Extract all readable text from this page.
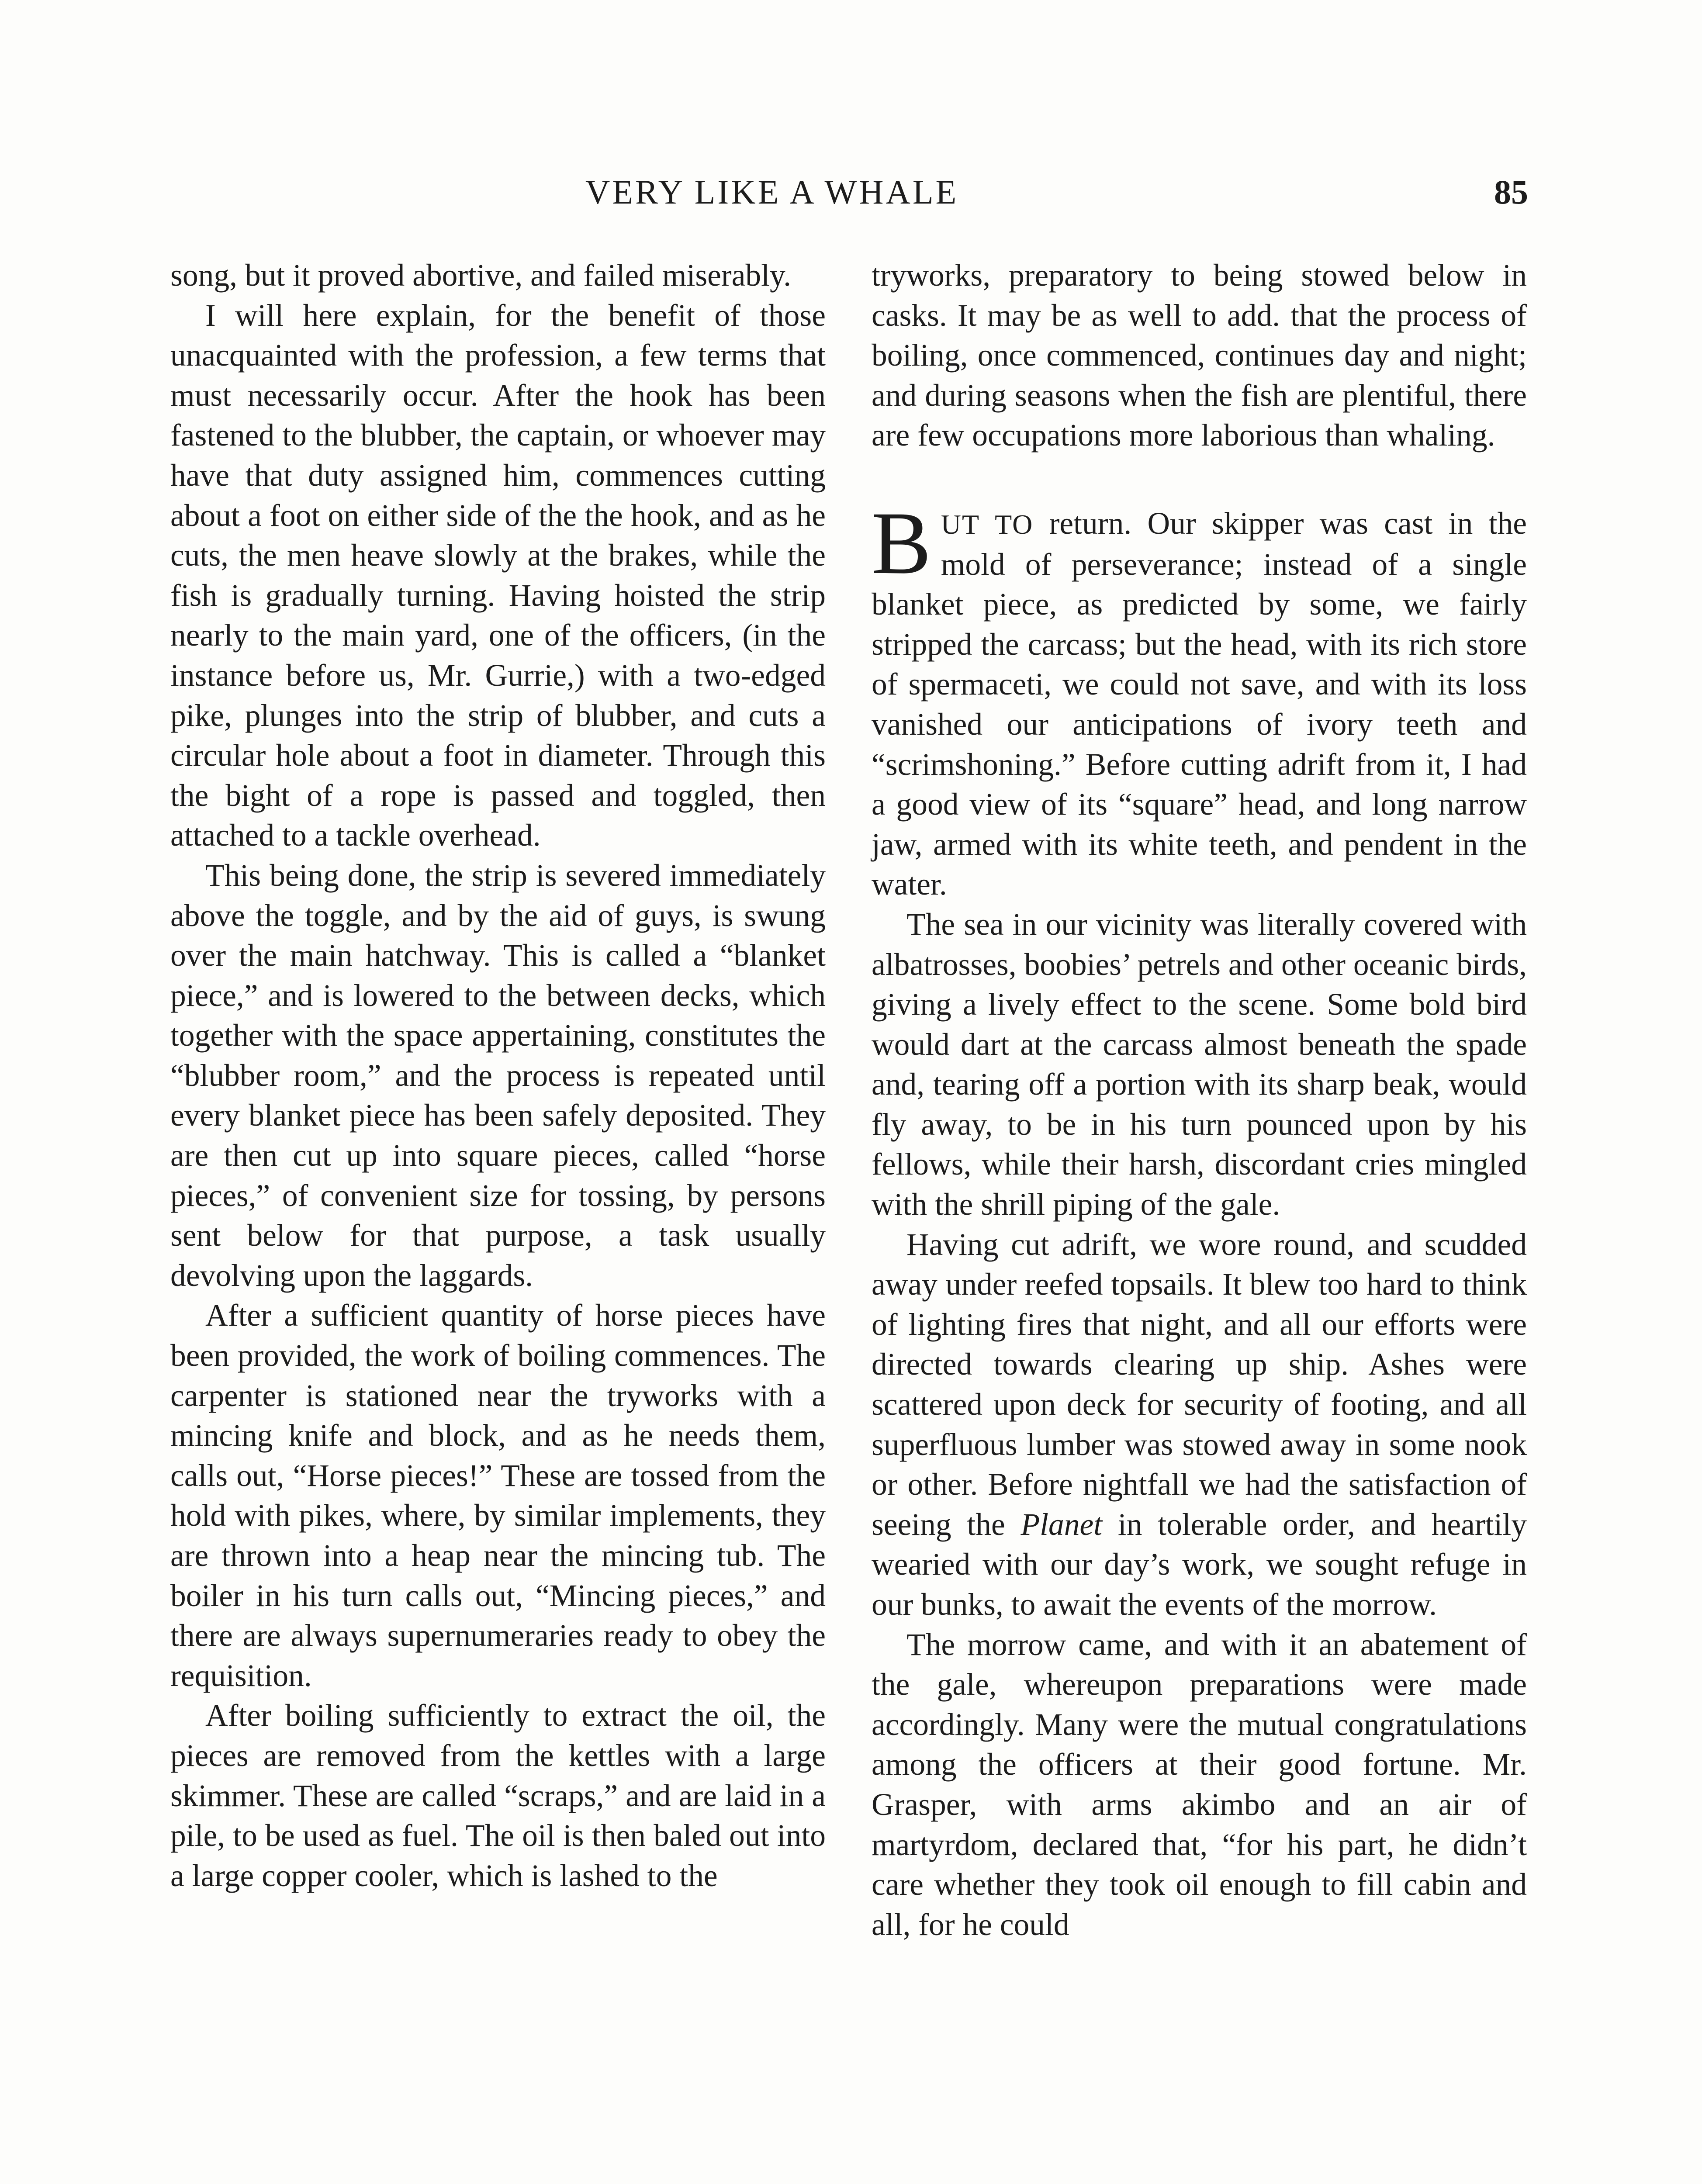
VERY LIKE A WHALE	85

song, but it proved abortive, and failed miserably.

I will here explain, for the benefit of those unacquainted with the profession, a few terms that must necessarily occur. After the hook has been fastened to the blubber, the captain, or whoever may have that duty assigned him, commences cutting about a foot on either side of the the hook, and as he cuts, the men heave slowly at the brakes, while the fish is gradually turning. Having hoisted the strip nearly to the main yard, one of the officers, (in the instance before us, Mr. Gurrie,) with a two-edged pike, plunges into the strip of blubber, and cuts a circular hole about a foot in diameter. Through this the bight of a rope is passed and toggled, then attached to a tackle overhead.

This being done, the strip is severed immediately above the toggle, and by the aid of guys, is swung over the main hatchway. This is called a “blanket piece,” and is lowered to the between decks, which together with the space appertaining, constitutes the “blubber room,” and the process is repeated until every blanket piece has been safely deposited. They are then cut up into square pieces, called “horse pieces,” of convenient size for tossing, by persons sent below for that purpose, a task usually devolving upon the laggards.

After a sufficient quantity of horse pieces have been provided, the work of boiling commences. The carpenter is stationed near the tryworks with a mincing knife and block, and as he needs them, calls out, “Horse pieces!” These are tossed from the hold with pikes, where, by similar implements, they are thrown into a heap near the mincing tub. The boiler in his turn calls out, “Mincing pieces,” and there are always supernumeraries ready to obey the requisition.

After boiling sufficiently to extract the oil, the pieces are removed from the kettles with a large skimmer. These are called “scraps,” and are laid in a pile, to be used as fuel. The oil is then baled out into a large copper cooler, which is lashed to the

tryworks, preparatory to being stowed below in casks. It may be as well to add. that the process of boiling, once commenced, continues day and night; and during seasons when the fish are plentiful, there are few occupations more laborious than whaling.

BUT TO return. Our skipper was cast in the mold of perseverance; instead of a single blanket piece, as predicted by some, we fairly stripped the carcass; but the head, with its rich store of spermaceti, we could not save, and with its loss vanished our anticipations of ivory teeth and “scrimshoning.” Before cutting adrift from it, I had a good view of its “square” head, and long narrow jaw, armed with its white teeth, and pendent in the water.

The sea in our vicinity was literally covered with albatrosses, boobies’ petrels and other oceanic birds, giving a lively effect to the scene. Some bold bird would dart at the carcass almost beneath the spade and, tearing off a portion with its sharp beak, would fly away, to be in his turn pounced upon by his fellows, while their harsh, discordant cries mingled with the shrill piping of the gale.

Having cut adrift, we wore round, and scudded away under reefed topsails. It blew too hard to think of lighting fires that night, and all our efforts were directed towards clearing up ship. Ashes were scattered upon deck for security of footing, and all superfluous lumber was stowed away in some nook or other. Before nightfall we had the satisfaction of seeing the Planet in tolerable order, and heartily wearied with our day’s work, we sought refuge in our bunks, to await the events of the morrow.

The morrow came, and with it an abatement of the gale, whereupon preparations were made accordingly. Many were the mutual congratulations among the officers at their good fortune. Mr. Grasper, with arms akimbo and an air of martyrdom, declared that, “for his part, he didn’t care whether they took oil enough to fill cabin and all, for he could
